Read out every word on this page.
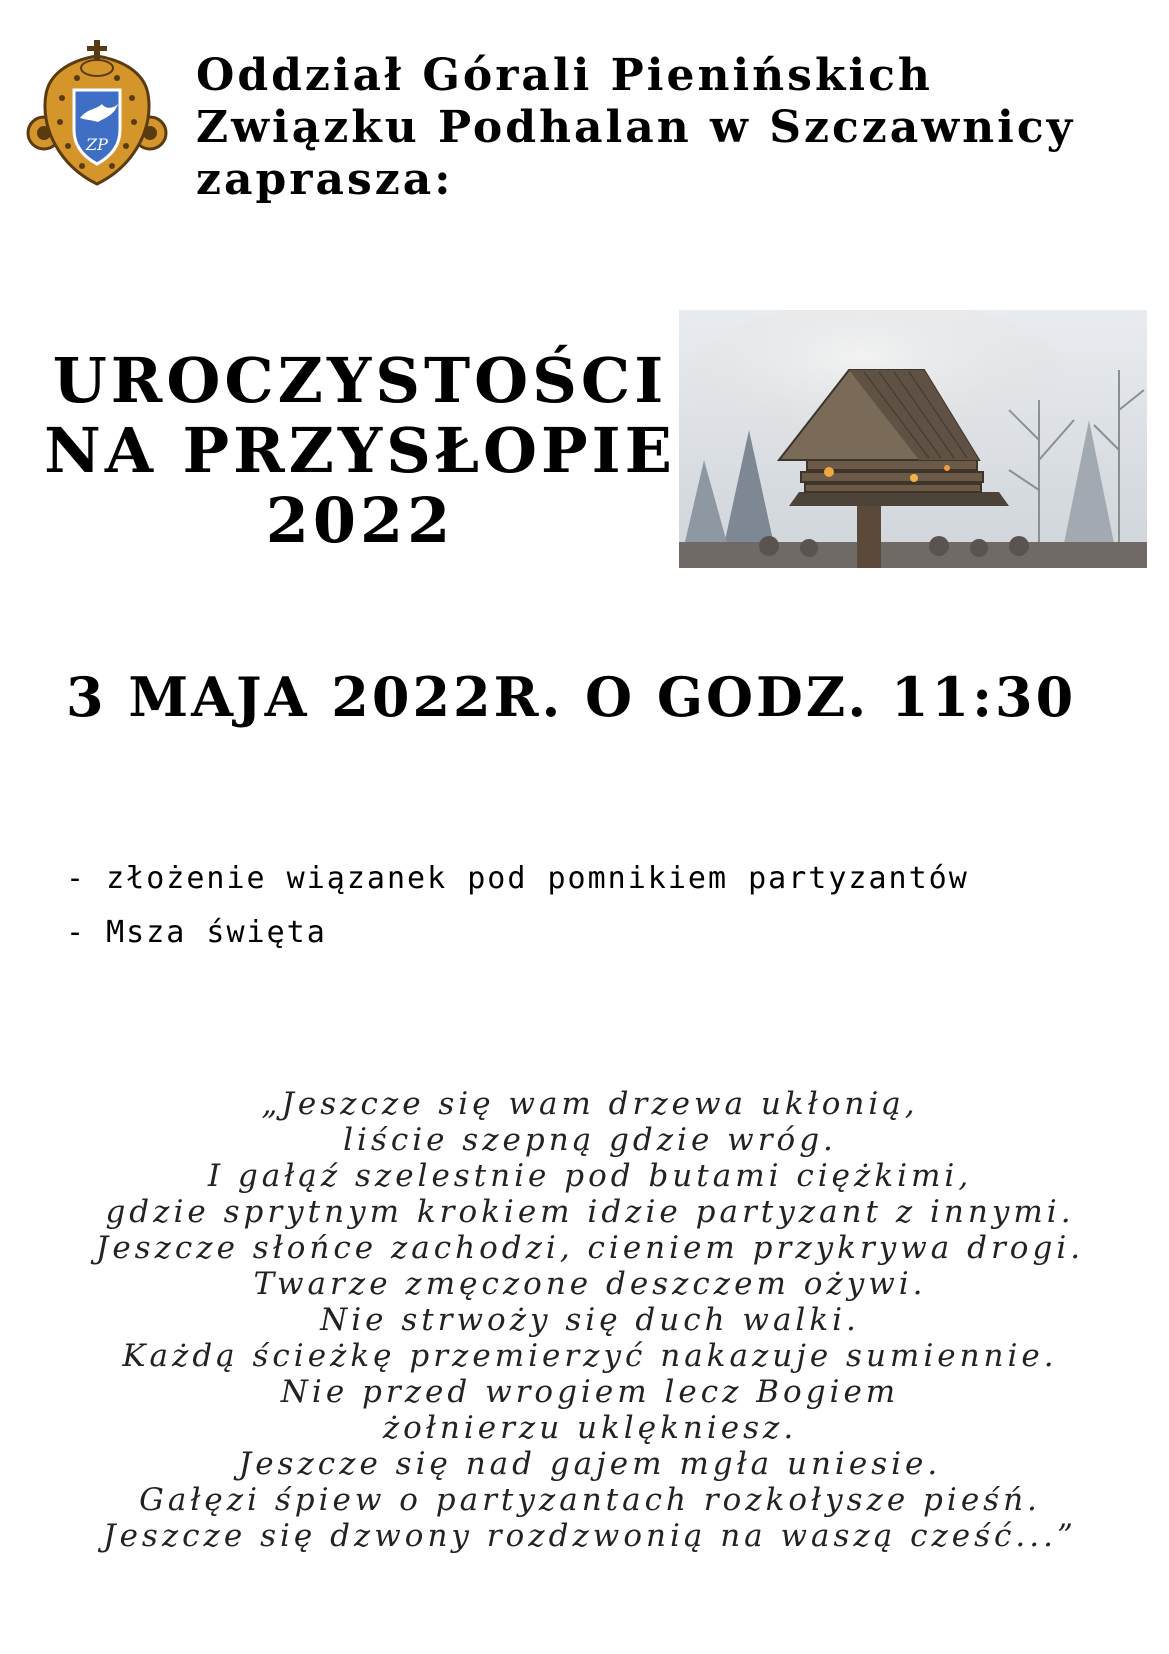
ZP
Oddział Górali Pienińskich
Związku Podhalan w Szczawnicy
zaprasza:
UROCZYSTOŚCI
NA PRZYSŁOPIE
2022
3 MAJA 2022R. O GODZ. 11:30
- złożenie wiązanek pod pomnikiem partyzantów
- Msza święta
„Jeszcze się wam drzewa ukłonią,
liście szepną gdzie wróg.
I gałąź szelestnie pod butami ciężkimi,
gdzie sprytnym krokiem idzie partyzant z innymi.
Jeszcze słońce zachodzi, cieniem przykrywa drogi.
Twarze zmęczone deszczem ożywi.
Nie strwoży się duch walki.
Każdą ścieżkę przemierzyć nakazuje sumiennie.
Nie przed wrogiem lecz Bogiem
żołnierzu uklękniesz.
Jeszcze się nad gajem mgła uniesie.
Gałęzi śpiew o partyzantach rozkołysze pieśń.
Jeszcze się dzwony rozdzwonią na waszą cześć...”
